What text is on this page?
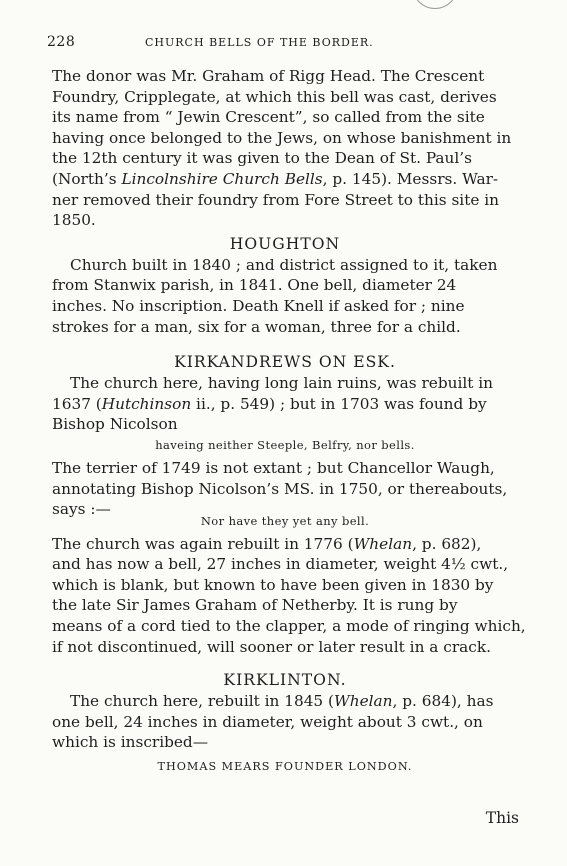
228	CHURCH BELLS OF THE BORDER.

The donor was Mr. Graham of Rigg Head. The Crescent
Foundry, Cripplegate, at which this bell was cast, derives
its name from “ Jewin Crescent”, so called from the site
having once belonged to the Jews, on whose banishment in
the 12th century it was given to the Dean of St. Paul’s
(North’s Lincolnshire Church Bells, p. 145). Messrs. War-
ner removed their foundry from Fore Street to this site in
1850.

HOUGHTON

Church built in 1840 ; and district assigned to it, taken
from Stanwix parish, in 1841. One bell, diameter 24
inches. No inscription. Death Knell if asked for ; nine
strokes for a man, six for a woman, three for a child.

KIRKANDREWS ON ESK.

The church here, having long lain ruins, was rebuilt in
1637 (Hutchinson ii., p. 549) ; but in 1703 was found by
Bishop Nicolson

haveing neither Steeple, Belfry, nor bells.

The terrier of 1749 is not extant ; but Chancellor Waugh,
annotating Bishop Nicolson’s MS. in 1750, or thereabouts,
says :—

Nor have they yet any bell.

The church was again rebuilt in 1776 (Whelan, p. 682),
and has now a bell, 27 inches in diameter, weight 4½ cwt.,
which is blank, but known to have been given in 1830 by
the late Sir James Graham of Netherby. It is rung by
means of a cord tied to the clapper, a mode of ringing which,
if not discontinued, will sooner or later result in a crack.

KIRKLINTON.

The church here, rebuilt in 1845 (Whelan, p. 684), has
one bell, 24 inches in diameter, weight about 3 cwt., on
which is inscribed—

THOMAS MEARS FOUNDER LONDON.
This
